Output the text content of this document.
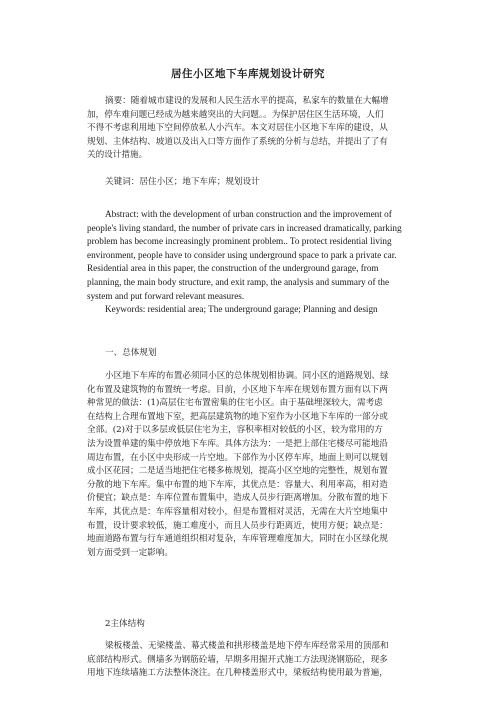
居住小区地下车库规划设计研究
摘要：随着城市建设的发展和人民生活水平的提高，私家车的数量在大幅增
加，停车难问题已经成为越来越突出的大问题。。为保护居住区生活环境，人们
不得不考虑利用地下空间停放私人小汽车。本文对居住小区地下车库的建设，从
规划、主体结构、坡道以及出入口等方面作了系统的分析与总结，并提出了了有
关的设计措施。
关键词：居住小区；地下车库；规划设计
Abstract: with the development of urban construction and the improvement of
people's living standard, the number of private cars in increased dramatically, parking
problem has become increasingly prominent problem.. To protect residential living
environment, people have to consider using underground space to park a private car.
Residential area in this paper, the construction of the underground garage, from
planning, the main body structure, and exit ramp, the analysis and summary of the
system and put forward relevant measures.
Keywords: residential area; The underground garage; Planning and design
一、总体规划
小区地下车库的布置必须同小区的总体规划相协调。同小区的道路规划、绿
化布置及建筑物的布置统一考虑。目前，小区地下车库在规划布置方面有以下两
种常见的做法：(1)高层住宅布置密集的住宅小区。由于基础埋深较大，需考虑
在结构上合理布置地下室，把高层建筑物的地下室作为小区地下车库的一部分或
全部。(2)对于以多层或低层住宅为主，容积率相对较低的小区，较为常用的方
法为设置单建的集中停放地下车库。具体方法为：一是把上部住宅楼尽可能地沿
周边布置，在小区中央形成一片空地。下部作为小区停车库，地面上则可以规划
成小区花园；二是适当地把住宅楼多栋规划，提高小区空地的完整性，规划布置
分散的地下车库。集中布置的地下车库，其优点是：容量大、利用率高，相对造
价便宜；缺点是：车库位置布置集中，造成人员步行距离增加。分散布置的地下
车库，其优点是：车库容量相对较小，但是布置相对灵活，无需在大片空地集中
布置，设计要求较低，施工难度小，而且人员步行距离近，使用方便；缺点是：
地面道路布置与行车通道组织相对复杂，车库管理难度加大，同时在小区绿化规
划方面受到一定影响。
2主体结构
梁板楼盖、无梁楼盖、幕式楼盖和拱形楼盖是地下停车库经常采用的顶部和
底部结构形式。侧墙多为钢筋砼墙，早期多用掘开式施工方法现浇钢筋砼，现多
用地下连续墙施工方法整体浇注。在几种楼盖形式中，梁板结构使用最为普遍，
